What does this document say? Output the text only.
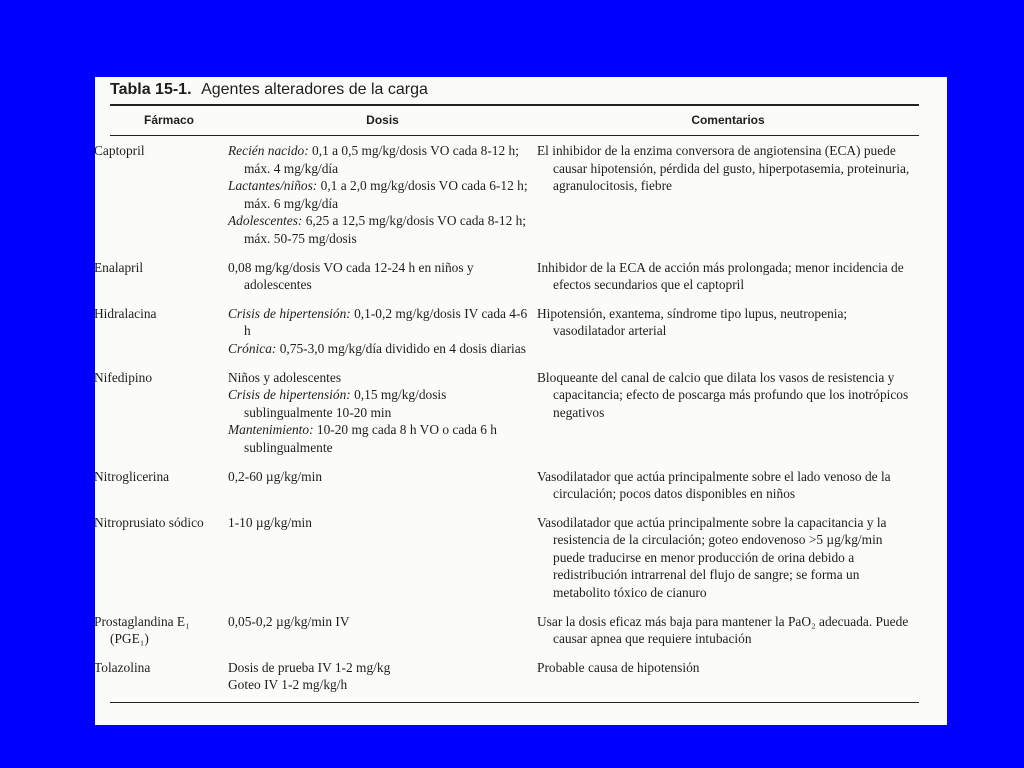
Tabla 15-1. Agentes alteradores de la carga
Fármaco	Dosis	Comentarios
Captopril	Recién nacido: 0,1 a 0,5 mg/kg/dosis VO cada 8-12 h; máx. 4 mg/kg/día
Lactantes/niños: 0,1 a 2,0 mg/kg/dosis VO cada 6-12 h; máx. 6 mg/kg/día
Adolescentes: 6,25 a 12,5 mg/kg/dosis VO cada 8-12 h; máx. 50-75 mg/dosis	El inhibidor de la enzima conversora de angiotensina (ECA) puede causar hipotensión, pérdida del gusto, hiperpotasemia, proteinuria, agranulocitosis, fiebre
Enalapril	0,08 mg/kg/dosis VO cada 12-24 h en niños y adolescentes	Inhibidor de la ECA de acción más prolongada; menor incidencia de efectos secundarios que el captopril
Hidralacina	Crisis de hipertensión: 0,1-0,2 mg/kg/dosis IV cada 4-6 h
Crónica: 0,75-3,0 mg/kg/día dividido en 4 dosis diarias	Hipotensión, exantema, síndrome tipo lupus, neutropenia; vasodilatador arterial
Nifedipino	Niños y adolescentes
Crisis de hipertensión: 0,15 mg/kg/dosis sublingualmente 10-20 min
Mantenimiento: 10-20 mg cada 8 h VO o cada 6 h sublingualmente	Bloqueante del canal de calcio que dilata los vasos de resistencia y capacitancia; efecto de poscarga más profundo que los inotrópicos negativos
Nitroglicerina	0,2-60 µg/kg/min	Vasodilatador que actúa principalmente sobre el lado venoso de la circulación; pocos datos disponibles en niños
Nitroprusiato sódico	1-10 µg/kg/min	Vasodilatador que actúa principalmente sobre la capacitancia y la resistencia de la circulación; goteo endovenoso >5 µg/kg/min puede traducirse en menor producción de orina debido a redistribución intrarrenal del flujo de sangre; se forma un metabolito tóxico de cianuro
Prostaglandina E₁ (PGE₁)	0,05-0,2 µg/kg/min IV	Usar la dosis eficaz más baja para mantener la PaO₂ adecuada. Puede causar apnea que requiere intubación
Tolazolina	Dosis de prueba IV 1-2 mg/kg
Goteo IV 1-2 mg/kg/h	Probable causa de hipotensión
